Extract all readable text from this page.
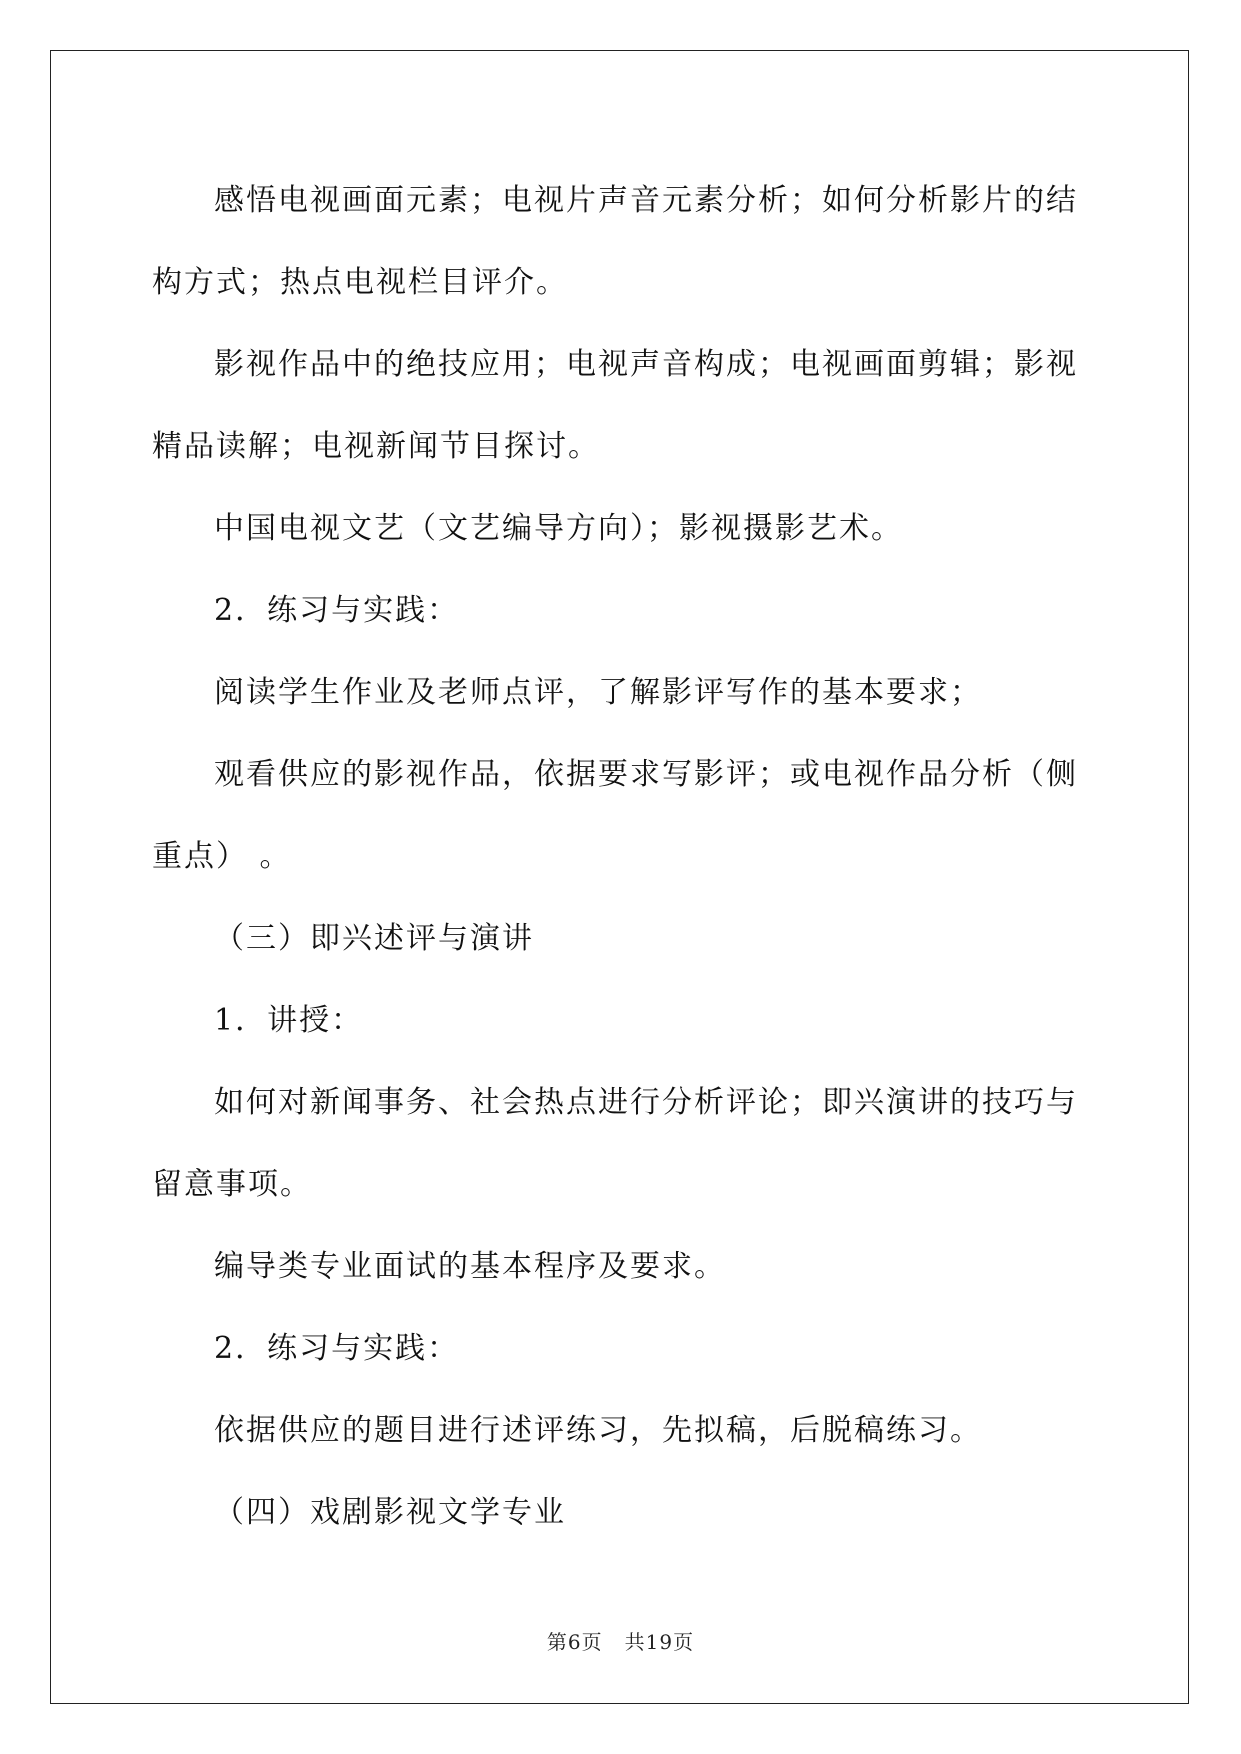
感悟电视画面元素；电视片声音元素分析；如何分析影片的结构方式；热点电视栏目评介。

影视作品中的绝技应用；电视声音构成；电视画面剪辑；影视精品读解；电视新闻节目探讨。

中国电视文艺（文艺编导方向）；影视摄影艺术。

2．练习与实践：

阅读学生作业及老师点评，了解影评写作的基本要求；

观看供应的影视作品，依据要求写影评；或电视作品分析（侧重点） 。

（三）即兴述评与演讲

1．讲授：

如何对新闻事务、社会热点进行分析评论；即兴演讲的技巧与留意事项。

编导类专业面试的基本程序及要求。

2．练习与实践：

依据供应的题目进行述评练习，先拟稿，后脱稿练习。

（四）戏剧影视文学专业

第6页 共19页
